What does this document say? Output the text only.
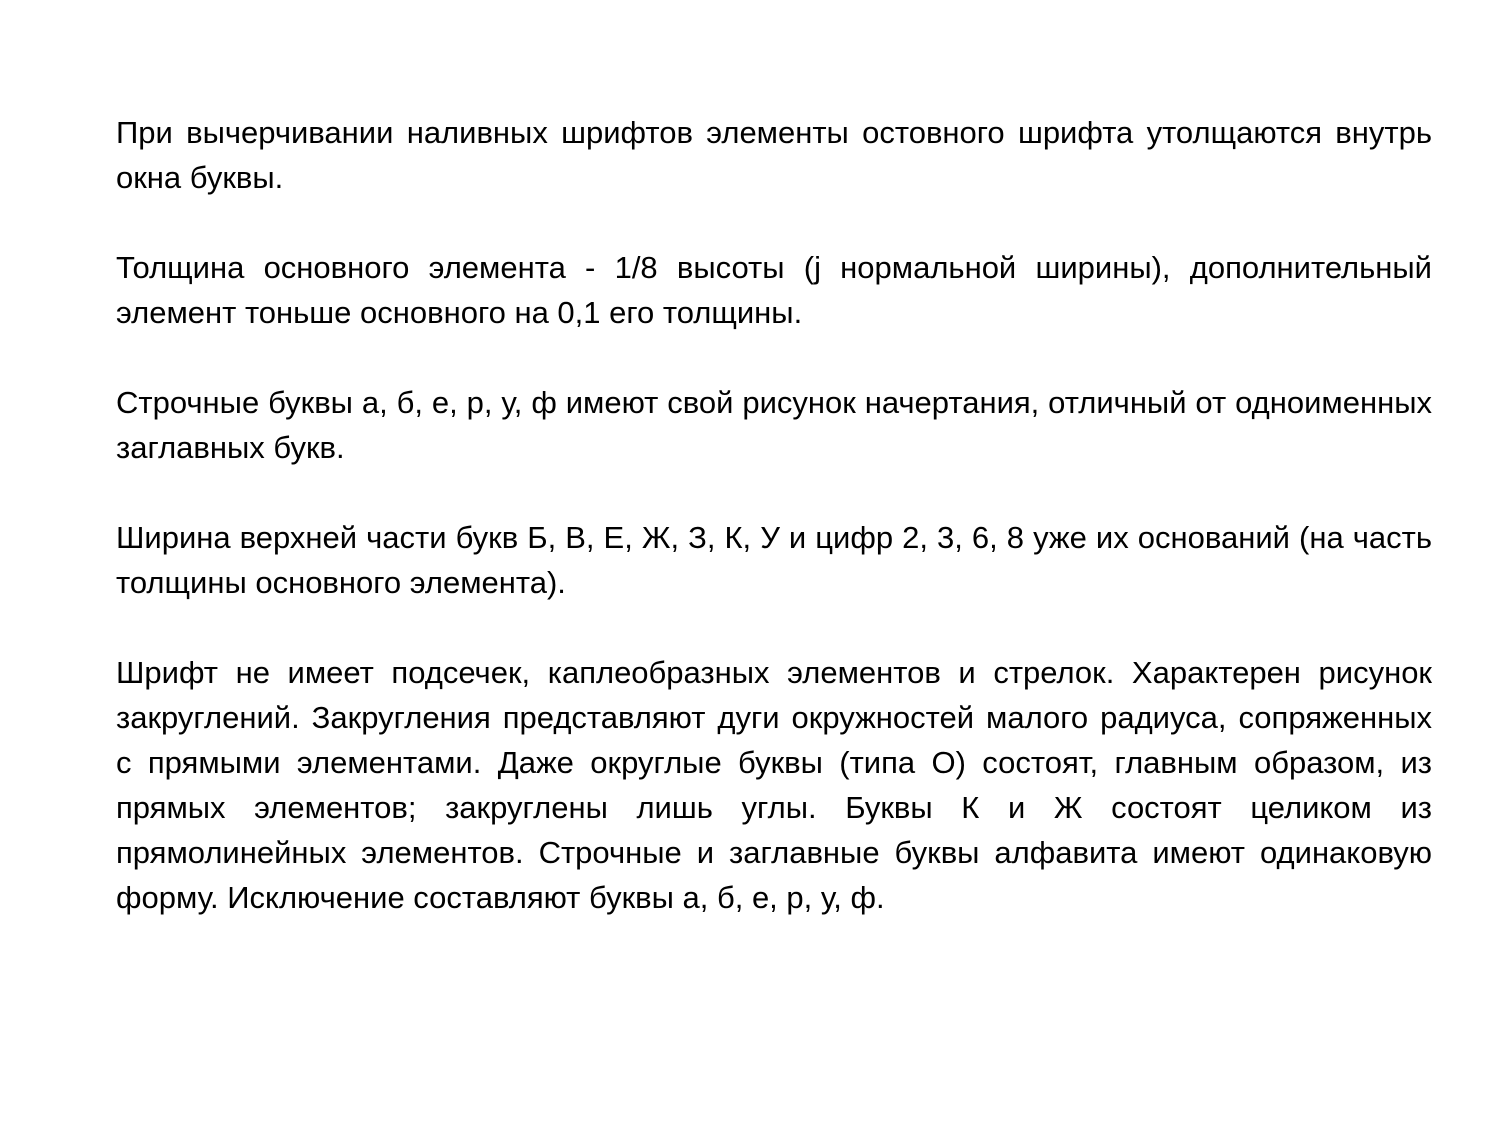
При вычерчивании наливных шрифтов элементы остовного шрифта утолщаются внутрь окна буквы.

Толщина основного элемента - 1/8 высоты (j нормальной ширины), дополнительный элемент тоньше основного на 0,1 его толщины.

Строчные буквы а, б, е, р, у, ф имеют свой рисунок начертания, отличный от одноименных заглавных букв.

Ширина верхней части букв Б, В, Е, Ж, З, К, У и цифр 2, 3, 6, 8 уже их оснований (на часть толщины основного элемента).

Шрифт не имеет подсечек, каплеобразных элементов и стрелок. Характерен рисунок закруглений. Закругления представляют дуги окружностей малого радиуса, сопряженных с прямыми элементами. Даже округлые буквы (типа О) состоят, главным образом, из прямых элементов; закруглены лишь углы. Буквы К и Ж состоят целиком из прямолинейных элементов. Строчные и заглавные буквы алфавита имеют одинаковую форму. Исключение составляют буквы а, б, е, р, у, ф.
